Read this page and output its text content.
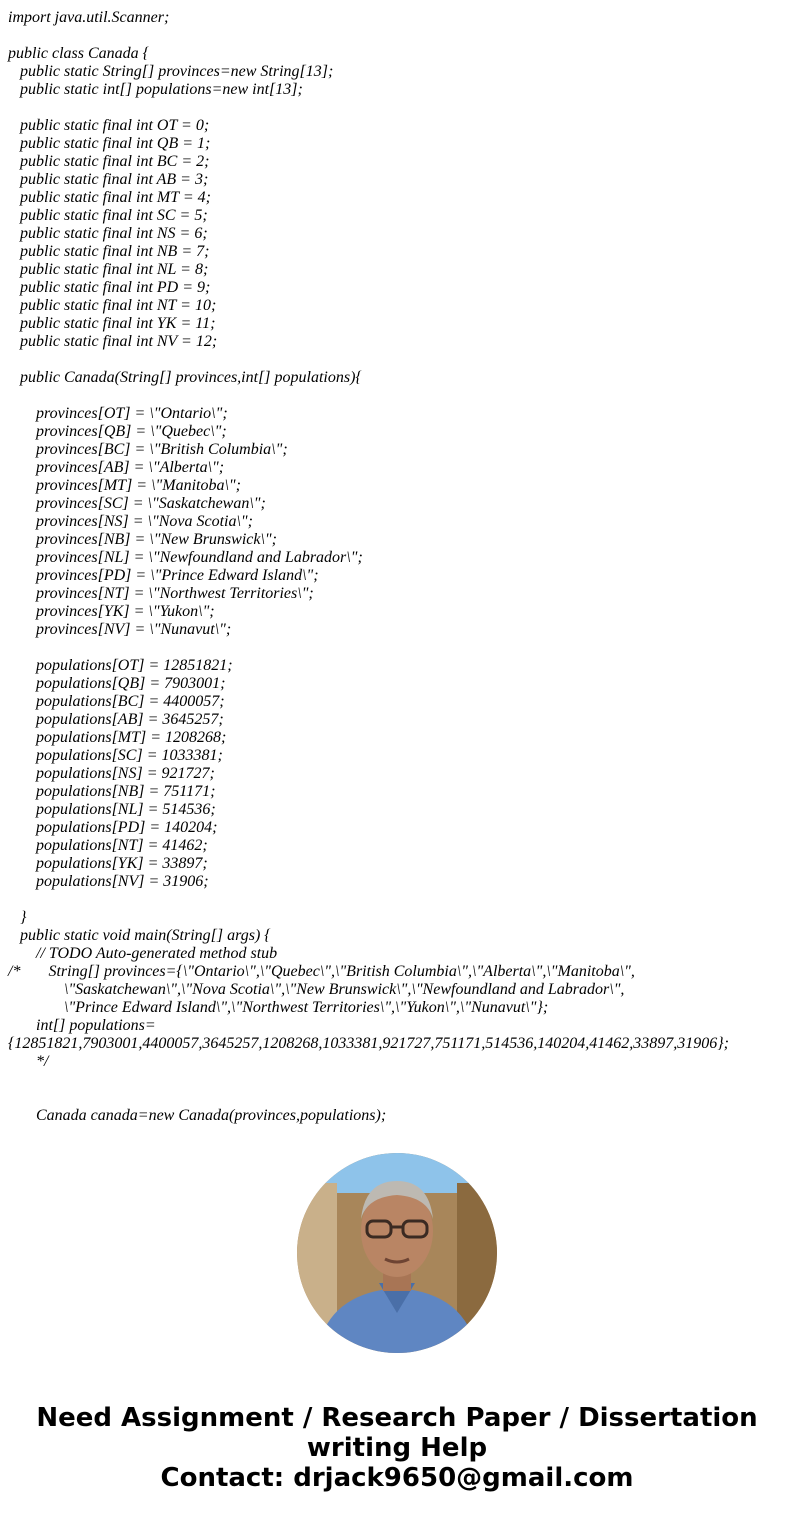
import java.util.Scanner;
public class Canada {
public static String[] provinces=new String[13];
public static int[] populations=new int[13];
public static final int OT = 0;
public static final int QB = 1;
public static final int BC = 2;
public static final int AB = 3;
public static final int MT = 4;
public static final int SC = 5;
public static final int NS = 6;
public static final int NB = 7;
public static final int NL = 8;
public static final int PD = 9;
public static final int NT = 10;
public static final int YK = 11;
public static final int NV = 12;
public Canada(String[] provinces,int[] populations){
provinces[OT] = \"Ontario\";
provinces[QB] = \"Quebec\";
provinces[BC] = \"British Columbia\";
provinces[AB] = \"Alberta\";
provinces[MT] = \"Manitoba\";
provinces[SC] = \"Saskatchewan\";
provinces[NS] = \"Nova Scotia\";
provinces[NB] = \"New Brunswick\";
provinces[NL] = \"Newfoundland and Labrador\";
provinces[PD] = \"Prince Edward Island\";
provinces[NT] = \"Northwest Territories\";
provinces[YK] = \"Yukon\";
provinces[NV] = \"Nunavut\";
populations[OT] = 12851821;
populations[QB] = 7903001;
populations[BC] = 4400057;
populations[AB] = 3645257;
populations[MT] = 1208268;
populations[SC] = 1033381;
populations[NS] = 921727;
populations[NB] = 751171;
populations[NL] = 514536;
populations[PD] = 140204;
populations[NT] = 41462;
populations[YK] = 33897;
populations[NV] = 31906;
}
public static void main(String[] args) {
// TODO Auto-generated method stub
/*       String[] provinces={\"Ontario\",\"Quebec\",\"British Columbia\",\"Alberta\",\"Manitoba\",
\"Saskatchewan\",\"Nova Scotia\",\"New Brunswick\",\"Newfoundland and Labrador\",
\"Prince Edward Island\",\"Northwest Territories\",\"Yukon\",\"Nunavut\"};
int[] populations=
{12851821,7903001,4400057,3645257,1208268,1033381,921727,751171,514536,140204,41462,33897,31906};
*/
Canada canada=new Canada(provinces,populations);
Need Assignment / Research Paper / Dissertation
writing Help
Contact: drjack9650@gmail.com
